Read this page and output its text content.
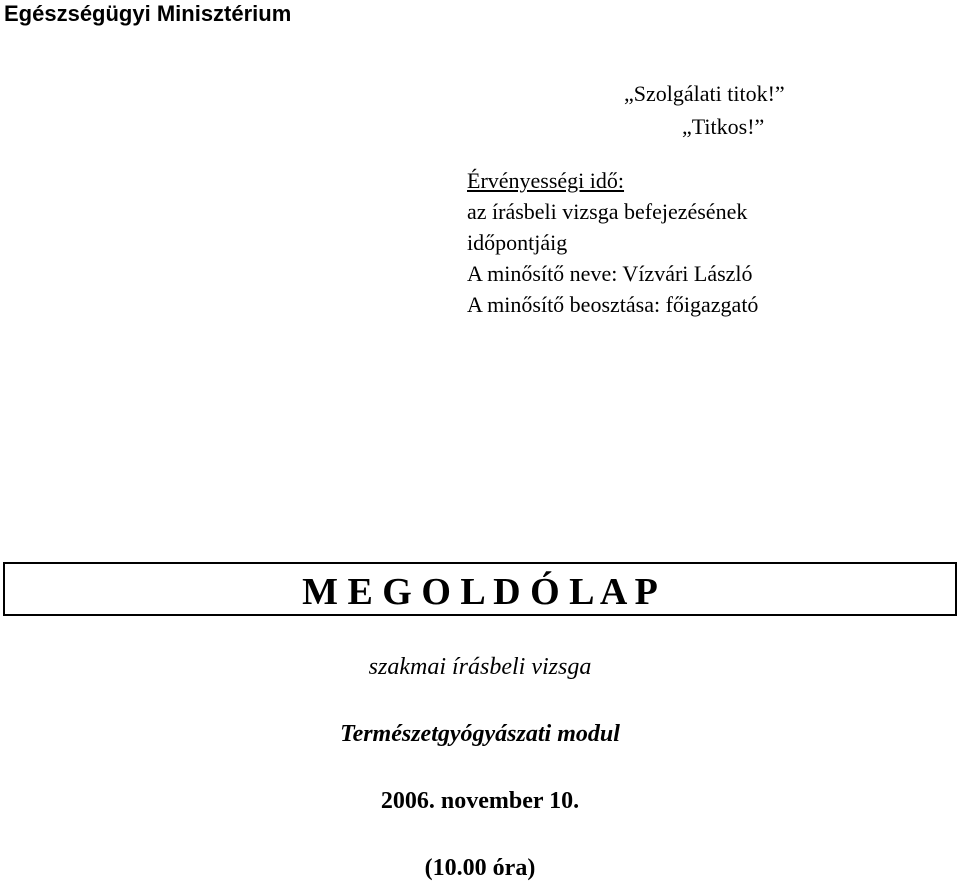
Egészségügyi Minisztérium
„Szolgálati titok!”
„Titkos!”
Érvényességi idő:
az írásbeli vizsga befejezésének
időpontjáig
A minősítő neve: Vízvári László
A minősítő beosztása: főigazgató
M E G O L D Ó L A P
szakmai írásbeli vizsga
Természetgyógyászati modul
2006. november 10.
(10.00 óra)
